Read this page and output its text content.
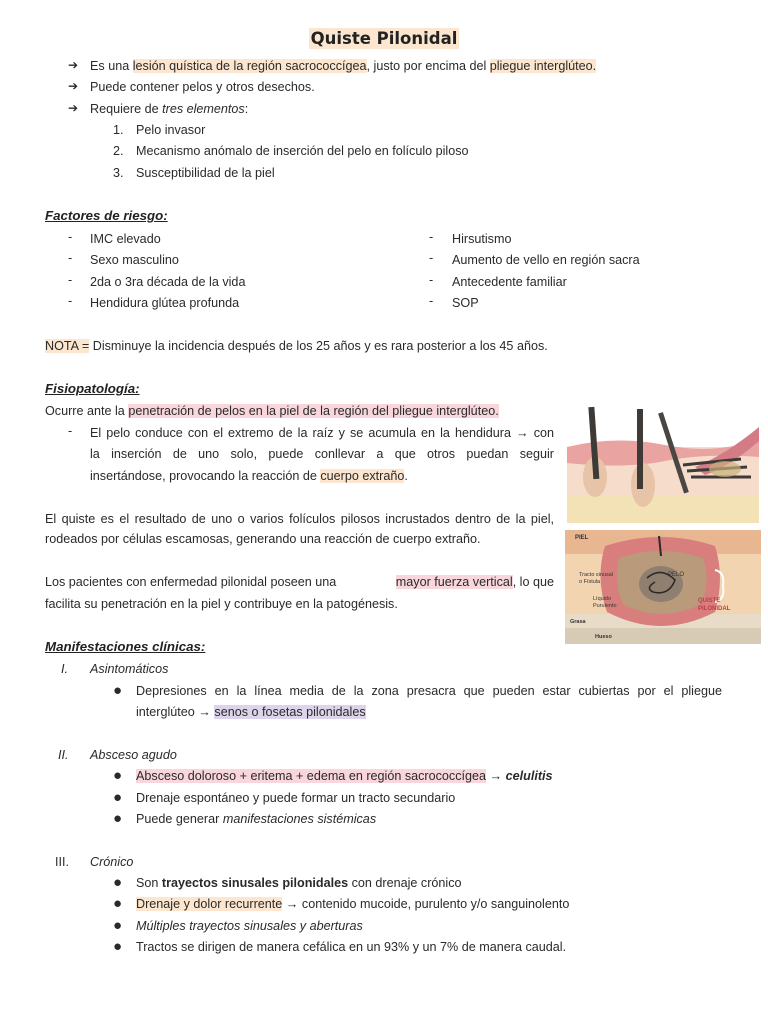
Quiste Pilonidal
➔ Es una lesión quística de la región sacrococcígea, justo por encima del pliegue interglúteo.
➔ Puede contener pelos y otros desechos.
➔ Requiere de tres elementos:
1. Pelo invasor
2. Mecanismo anómalo de inserción del pelo en folículo piloso
3. Susceptibilidad de la piel
Factores de riesgo:
- IMC elevado
- Sexo masculino
- 2da o 3ra década de la vida
- Hendidura glútea profunda
- Hirsutismo
- Aumento de vello en región sacra
- Antecedente familiar
- SOP
NOTA = Disminuye la incidencia después de los 25 años y es rara posterior a los 45 años.
Fisiopatología:
Ocurre ante la penetración de pelos en la piel de la región del pliegue interglúteo.
- El pelo conduce con el extremo de la raíz y se acumula en la hendidura → con
la inserción de uno solo, puede conllevar a que otros puedan seguir
insertándose, provocando la reacción de cuerpo extraño.
El quiste es el resultado de uno o varios folículos pilosos incrustados dentro de la piel,
rodeados por células escamosas, generando una reacción de cuerpo extraño.
Los pacientes con enfermedad pilonidal poseen una	mayor fuerza vertical, lo que
facilita su penetración en la piel y contribuye en la patogénesis.
PIEL
Tracto sinusal
o Fístula
PELO
Líquido
Purulento
QUISTE
PILONIDAL
Grasa
Hueso
Manifestaciones clínicas:
I. Asintomáticos
● Depresiones en la línea media de la zona presacra que pueden estar cubiertas por el pliegue
interglúteo → senos o fosetas pilonidales
II. Absceso agudo
● Absceso doloroso + eritema + edema en región sacrococcígea → celulitis
● Drenaje espontáneo y puede formar un tracto secundario
● Puede generar manifestaciones sistémicas
III. Crónico
● Son trayectos sinusales pilonidales con drenaje crónico
● Drenaje y dolor recurrente → contenido mucoide, purulento y/o sanguinolento
● Múltiples trayectos sinusales y aberturas
● Tractos se dirigen de manera cefálica en un 93% y un 7% de manera caudal.
